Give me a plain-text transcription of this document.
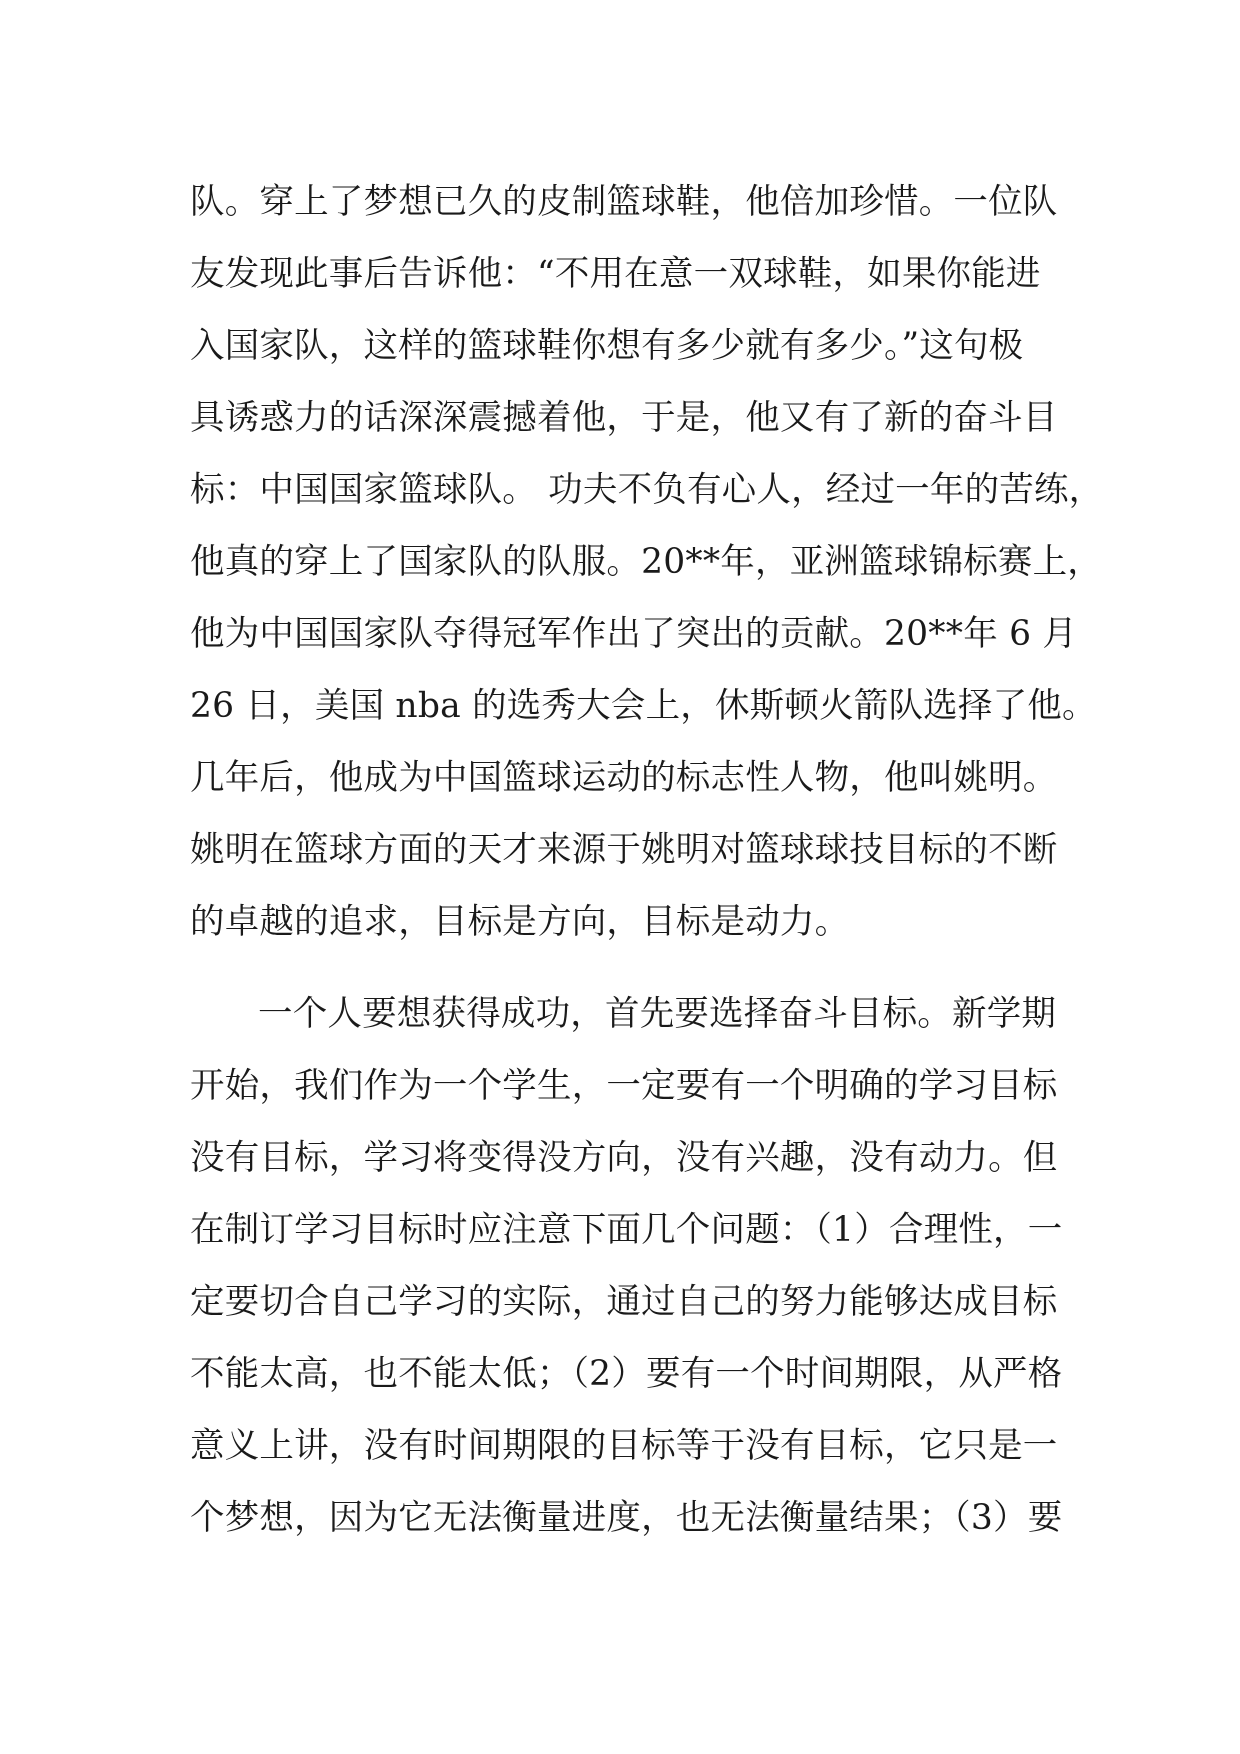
队。穿上了梦想已久的皮制篮球鞋，他倍加珍惜。一位队
友发现此事后告诉他：“不用在意一双球鞋，如果你能进
入国家队，这样的篮球鞋你想有多少就有多少。”这句极
具诱惑力的话深深震撼着他，于是，他又有了新的奋斗目
标：中国国家篮球队。 功夫不负有心人，经过一年的苦练，
他真的穿上了国家队的队服。20**年，亚洲篮球锦标赛上，
他为中国国家队夺得冠军作出了突出的贡献。20**年 6 月
26 日，美国 nba 的选秀大会上，休斯顿火箭队选择了他。
几年后，他成为中国篮球运动的标志性人物，他叫姚明。
姚明在篮球方面的天才来源于姚明对篮球球技目标的不断
的卓越的追求，目标是方向，目标是动力。
一个人要想获得成功，首先要选择奋斗目标。新学期
开始，我们作为一个学生，一定要有一个明确的学习目标
没有目标，学习将变得没方向，没有兴趣，没有动力。但
在制订学习目标时应注意下面几个问题：（1）合理性，一
定要切合自己学习的实际，通过自己的努力能够达成目标
不能太高，也不能太低；（2）要有一个时间期限，从严格
意义上讲，没有时间期限的目标等于没有目标，它只是一
个梦想，因为它无法衡量进度，也无法衡量结果；（3）要
